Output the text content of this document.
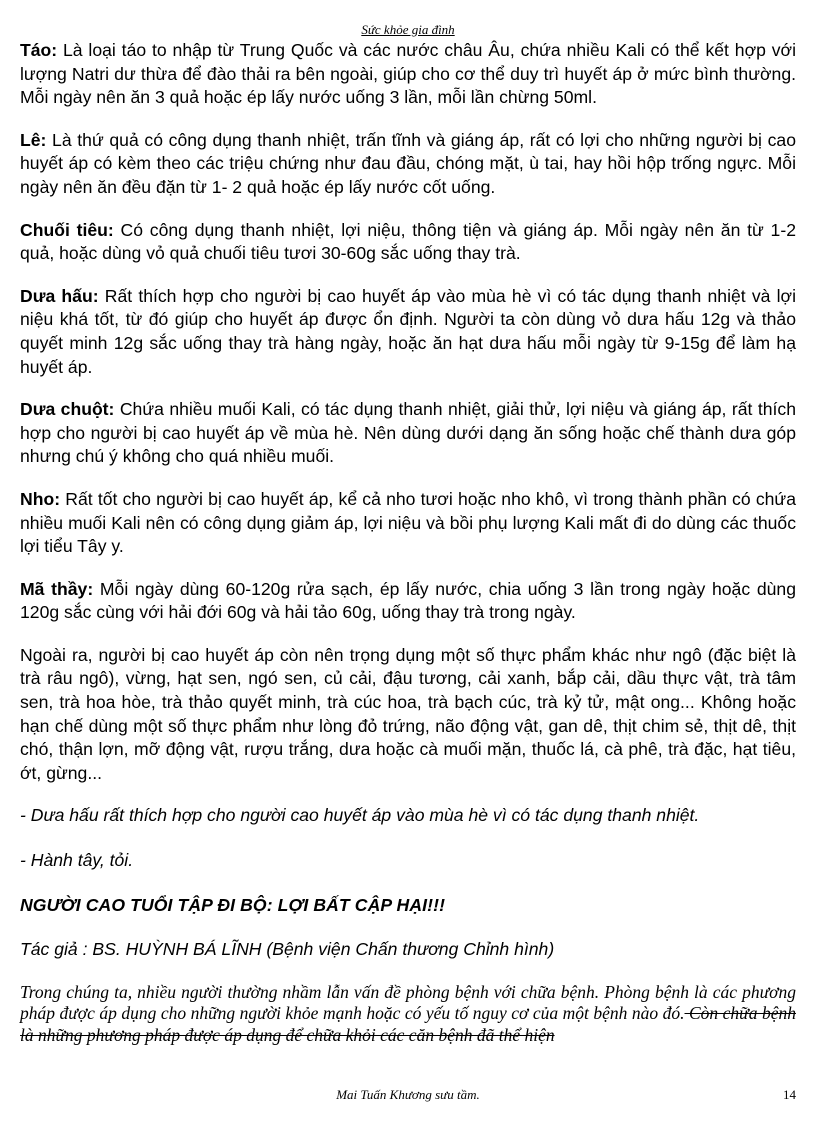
Sức khỏe gia đình

Táo: Là loại táo to nhập từ Trung Quốc và các nước châu Âu, chứa nhiều Kali có thể kết hợp với lượng Natri dư thừa để đào thải ra bên ngoài, giúp cho cơ thể duy trì huyết áp ở mức bình thường. Mỗi ngày nên ăn 3 quả hoặc ép lấy nước uống 3 lần, mỗi lần chừng 50ml.

Lê: Là thứ quả có công dụng thanh nhiệt, trấn tĩnh và giáng áp, rất có lợi cho những người bị cao huyết áp có kèm theo các triệu chứng như đau đầu, chóng mặt, ù tai, hay hồi hộp trống ngực. Mỗi ngày nên ăn đều đặn từ 1- 2 quả hoặc ép lấy nước cốt uống.

Chuối tiêu: Có công dụng thanh nhiệt, lợi niệu, thông tiện và giáng áp. Mỗi ngày nên ăn từ 1-2 quả, hoặc dùng vỏ quả chuối tiêu tươi 30-60g sắc uống thay trà.

Dưa hấu: Rất thích hợp cho người bị cao huyết áp vào mùa hè vì có tác dụng thanh nhiệt và lợi niệu khá tốt, từ đó giúp cho huyết áp được ổn định. Người ta còn dùng vỏ dưa hấu 12g và thảo quyết minh 12g sắc uống thay trà hàng ngày, hoặc ăn hạt dưa hấu mỗi ngày từ 9-15g để làm hạ huyết áp.

Dưa chuột: Chứa nhiều muối Kali, có tác dụng thanh nhiệt, giải thử, lợi niệu và giáng áp, rất thích hợp cho người bị cao huyết áp về mùa hè. Nên dùng dưới dạng ăn sống hoặc chế thành dưa góp nhưng chú ý không cho quá nhiều muối.

Nho: Rất tốt cho người bị cao huyết áp, kể cả nho tươi hoặc nho khô, vì trong thành phần có chứa nhiều muối Kali nên có công dụng giảm áp, lợi niệu và bồi phụ lượng Kali mất đi do dùng các thuốc lợi tiểu Tây y.

Mã thầy: Mỗi ngày dùng 60-120g rửa sạch, ép lấy nước, chia uống 3 lần trong ngày hoặc dùng 120g sắc cùng với hải đới 60g và hải tảo 60g, uống thay trà trong ngày.

Ngoài ra, người bị cao huyết áp còn nên trọng dụng một số thực phẩm khác như ngô (đặc biệt là trà râu ngô), vừng, hạt sen, ngó sen, củ cải, đậu tương, cải xanh, bắp cải, dầu thực vật, trà tâm sen, trà hoa hòe, trà thảo quyết minh, trà cúc hoa, trà bạch cúc, trà kỷ tử, mật ong... Không hoặc hạn chế dùng một số thực phẩm như lòng đỏ trứng, não động vật, gan dê, thịt chim sẻ, thịt dê, thịt chó, thận lợn, mỡ động vật, rượu trắng, dưa hoặc cà muối mặn, thuốc lá, cà phê, trà đặc, hạt tiêu, ớt, gừng...

- Dưa hấu rất thích hợp cho người cao huyết áp vào mùa hè vì có tác dụng thanh nhiệt.

- Hành tây, tỏi.

NGƯỜI CAO TUỔI TẬP ĐI BỘ: LỢI BẤT CẬP HẠI!!!

Tác giả : BS. HUỲNH BÁ LĨNH (Bệnh viện Chấn thương Chỉnh hình)

Trong chúng ta, nhiều người thường nhầm lẫn vấn đề phòng bệnh với chữa bệnh. Phòng bệnh là các phương pháp được áp dụng cho những người khỏe mạnh hoặc có yếu tố nguy cơ của một bệnh nào đó. Còn chữa bệnh là những phương pháp được áp dụng để chữa khỏi các căn bệnh đã thể hiện

Mai Tuấn Khương sưu tầm.	14
